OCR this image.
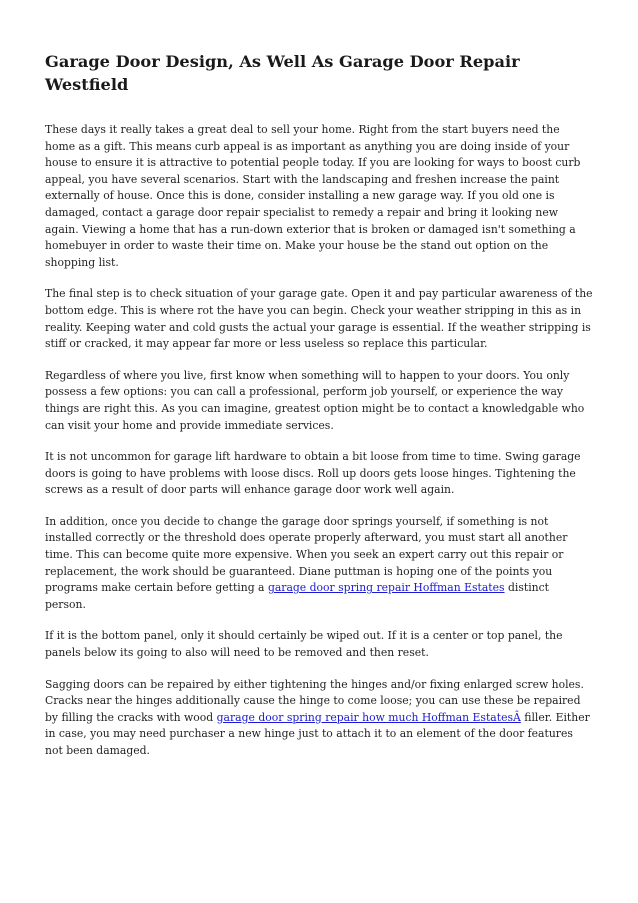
Garage Door Design, As Well As Garage Door Repair Westfield

These days it really takes a great deal to sell your home. Right from the start buyers need the home as a gift. This means curb appeal is as important as anything you are doing inside of your house to ensure it is attractive to potential people today. If you are looking for ways to boost curb appeal, you have several scenarios. Start with the landscaping and freshen increase the paint externally of house. Once this is done, consider installing a new garage way. If you old one is damaged, contact a garage door repair specialist to remedy a repair and bring it looking new again. Viewing a home that has a run-down exterior that is broken or damaged isn't something a homebuyer in order to waste their time on. Make your house be the stand out option on the shopping list.

The final step is to check situation of your garage gate. Open it and pay particular awareness of the bottom edge. This is where rot the have you can begin. Check your weather stripping in this as in reality. Keeping water and cold gusts the actual your garage is essential. If the weather stripping is stiff or cracked, it may appear far more or less useless so replace this particular.

Regardless of where you live, first know when something will to happen to your doors. You only possess a few options: you can call a professional, perform job yourself, or experience the way things are right this. As you can imagine, greatest option might be to contact a knowledgable who can visit your home and provide immediate services.

It is not uncommon for garage lift hardware to obtain a bit loose from time to time. Swing garage doors is going to have problems with loose discs. Roll up doors gets loose hinges. Tightening the screws as a result of door parts will enhance garage door work well again.

In addition, once you decide to change the garage door springs yourself, if something is not installed correctly or the threshold does operate properly afterward, you must start all another time. This can become quite more expensive. When you seek an expert carry out this repair or replacement, the work should be guaranteed. Diane puttman is hoping one of the points you programs make certain before getting a garage door spring repair Hoffman Estates distinct person.

If it is the bottom panel, only it should certainly be wiped out. If it is a center or top panel, the panels below its going to also will need to be removed and then reset.

Sagging doors can be repaired by either tightening the hinges and/or fixing enlarged screw holes. Cracks near the hinges additionally cause the hinge to come loose; you can use these be repaired by filling the cracks with wood garage door spring repair how much Hoffman EstatesÂ filler. Either in case, you may need purchaser a new hinge just to attach it to an element of the door features not been damaged.
